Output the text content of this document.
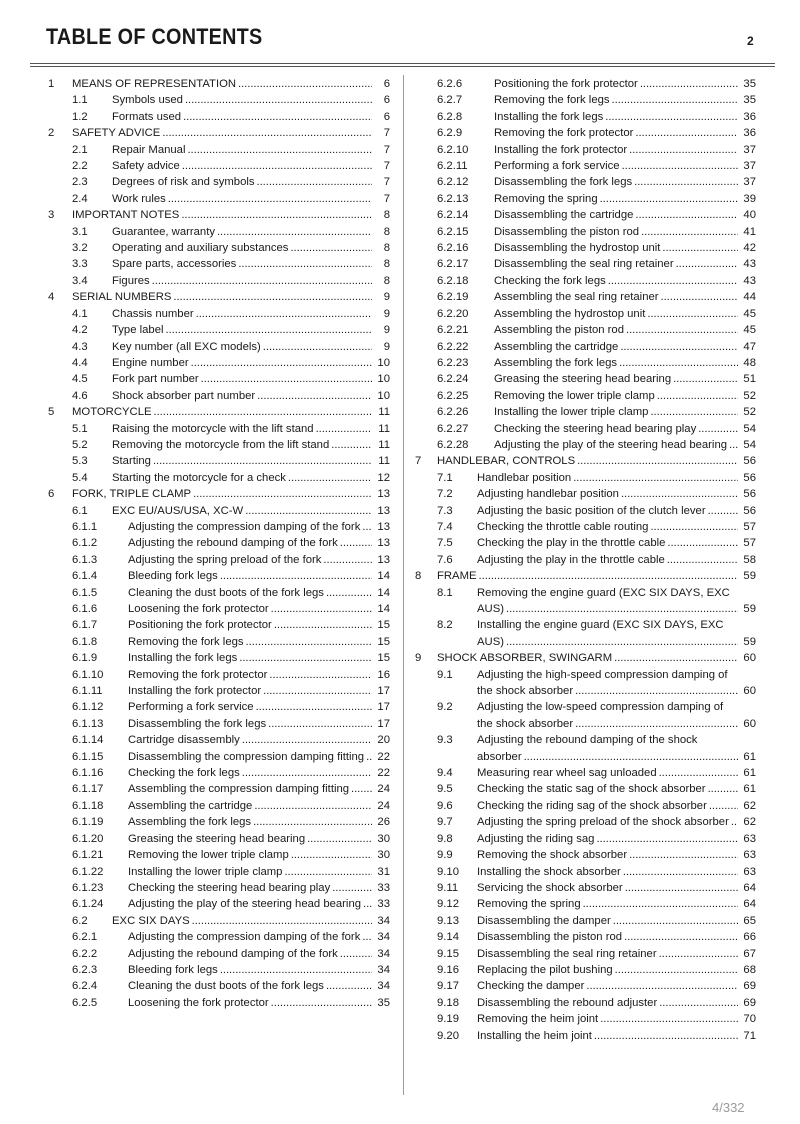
TABLE OF CONTENTS	2
1	MEANS OF REPRESENTATION . . .	6
1.1	Symbols used . . .	6
1.2	Formats used . . .	6
2	SAFETY ADVICE . . .	7
2.1	Repair Manual . . .	7
2.2	Safety advice . . .	7
2.3	Degrees of risk and symbols . . .	7
2.4	Work rules . . .	7
3	IMPORTANT NOTES . . .	8
3.1	Guarantee, warranty . . .	8
3.2	Operating and auxiliary substances . . .	8
3.3	Spare parts, accessories . . .	8
3.4	Figures . . .	8
4	SERIAL NUMBERS . . .	9
4.1	Chassis number . . .	9
4.2	Type label . . .	9
4.3	Key number (all EXC models) . . .	9
4.4	Engine number . . .	10
4.5	Fork part number . . .	10
4.6	Shock absorber part number . . .	10
5	MOTORCYCLE . . .	11
5.1	Raising the motorcycle with the lift stand . . .	11
5.2	Removing the motorcycle from the lift stand . . .	11
5.3	Starting . . .	11
5.4	Starting the motorcycle for a check . . .	12
6	FORK, TRIPLE CLAMP . . .	13
6.1	EXC EU/AUS/USA, XC-W . . .	13
6.1.1	Adjusting the compression damping of the fork . . .	13
6.1.2	Adjusting the rebound damping of the fork . . .	13
6.1.3	Adjusting the spring preload of the fork . . .	13
6.1.4	Bleeding fork legs . . .	14
6.1.5	Cleaning the dust boots of the fork legs . . .	14
6.1.6	Loosening the fork protector . . .	14
6.1.7	Positioning the fork protector . . .	15
6.1.8	Removing the fork legs . . .	15
6.1.9	Installing the fork legs . . .	15
6.1.10	Removing the fork protector . . .	16
6.1.11	Installing the fork protector . . .	17
6.1.12	Performing a fork service . . .	17
6.1.13	Disassembling the fork legs . . .	17
6.1.14	Cartridge disassembly . . .	20
6.1.15	Disassembling the compression damping fitting . . .	22
6.1.16	Checking the fork legs . . .	22
6.1.17	Assembling the compression damping fitting . . .	24
6.1.18	Assembling the cartridge . . .	24
6.1.19	Assembling the fork legs . . .	26
6.1.20	Greasing the steering head bearing . . .	30
6.1.21	Removing the lower triple clamp . . .	30
6.1.22	Installing the lower triple clamp . . .	31
6.1.23	Checking the steering head bearing play . . .	33
6.1.24	Adjusting the play of the steering head bearing . . .	33
6.2	EXC SIX DAYS . . .	34
6.2.1	Adjusting the compression damping of the fork . . .	34
6.2.2	Adjusting the rebound damping of the fork . . .	34
6.2.3	Bleeding fork legs . . .	34
6.2.4	Cleaning the dust boots of the fork legs . . .	34
6.2.5	Loosening the fork protector . . .	35
6.2.6	Positioning the fork protector . . .	35
6.2.7	Removing the fork legs . . .	35
6.2.8	Installing the fork legs . . .	36
6.2.9	Removing the fork protector . . .	36
6.2.10	Installing the fork protector . . .	37
6.2.11	Performing a fork service . . .	37
6.2.12	Disassembling the fork legs . . .	37
6.2.13	Removing the spring . . .	39
6.2.14	Disassembling the cartridge . . .	40
6.2.15	Disassembling the piston rod . . .	41
6.2.16	Disassembling the hydrostop unit . . .	42
6.2.17	Disassembling the seal ring retainer . . .	43
6.2.18	Checking the fork legs . . .	43
6.2.19	Assembling the seal ring retainer . . .	44
6.2.20	Assembling the hydrostop unit . . .	45
6.2.21	Assembling the piston rod . . .	45
6.2.22	Assembling the cartridge . . .	47
6.2.23	Assembling the fork legs . . .	48
6.2.24	Greasing the steering head bearing . . .	51
6.2.25	Removing the lower triple clamp . . .	52
6.2.26	Installing the lower triple clamp . . .	52
6.2.27	Checking the steering head bearing play . . .	54
6.2.28	Adjusting the play of the steering head bearing . . .	54
7	HANDLEBAR, CONTROLS . . .	56
7.1	Handlebar position . . .	56
7.2	Adjusting handlebar position . . .	56
7.3	Adjusting the basic position of the clutch lever . . .	56
7.4	Checking the throttle cable routing . . .	57
7.5	Checking the play in the throttle cable . . .	57
7.6	Adjusting the play in the throttle cable . . .	58
8	FRAME . . .	59
8.1	Removing the engine guard (EXC SIX DAYS, EXC AUS) . . .	59
8.2	Installing the engine guard (EXC SIX DAYS, EXC AUS) . . .	59
9	SHOCK ABSORBER, SWINGARM . . .	60
9.1	Adjusting the high-speed compression damping of the shock absorber . . .	60
9.2	Adjusting the low-speed compression damping of the shock absorber . . .	60
9.3	Adjusting the rebound damping of the shock absorber . . .	61
9.4	Measuring rear wheel sag unloaded . . .	61
9.5	Checking the static sag of the shock absorber . . .	61
9.6	Checking the riding sag of the shock absorber . . .	62
9.7	Adjusting the spring preload of the shock absorber . . .	62
9.8	Adjusting the riding sag . . .	63
9.9	Removing the shock absorber . . .	63
9.10	Installing the shock absorber . . .	63
9.11	Servicing the shock absorber . . .	64
9.12	Removing the spring . . .	64
9.13	Disassembling the damper . . .	65
9.14	Disassembling the piston rod . . .	66
9.15	Disassembling the seal ring retainer . . .	67
9.16	Replacing the pilot bushing . . .	68
9.17	Checking the damper . . .	69
9.18	Disassembling the rebound adjuster . . .	69
9.19	Removing the heim joint . . .	70
9.20	Installing the heim joint . . .	71
4/332
